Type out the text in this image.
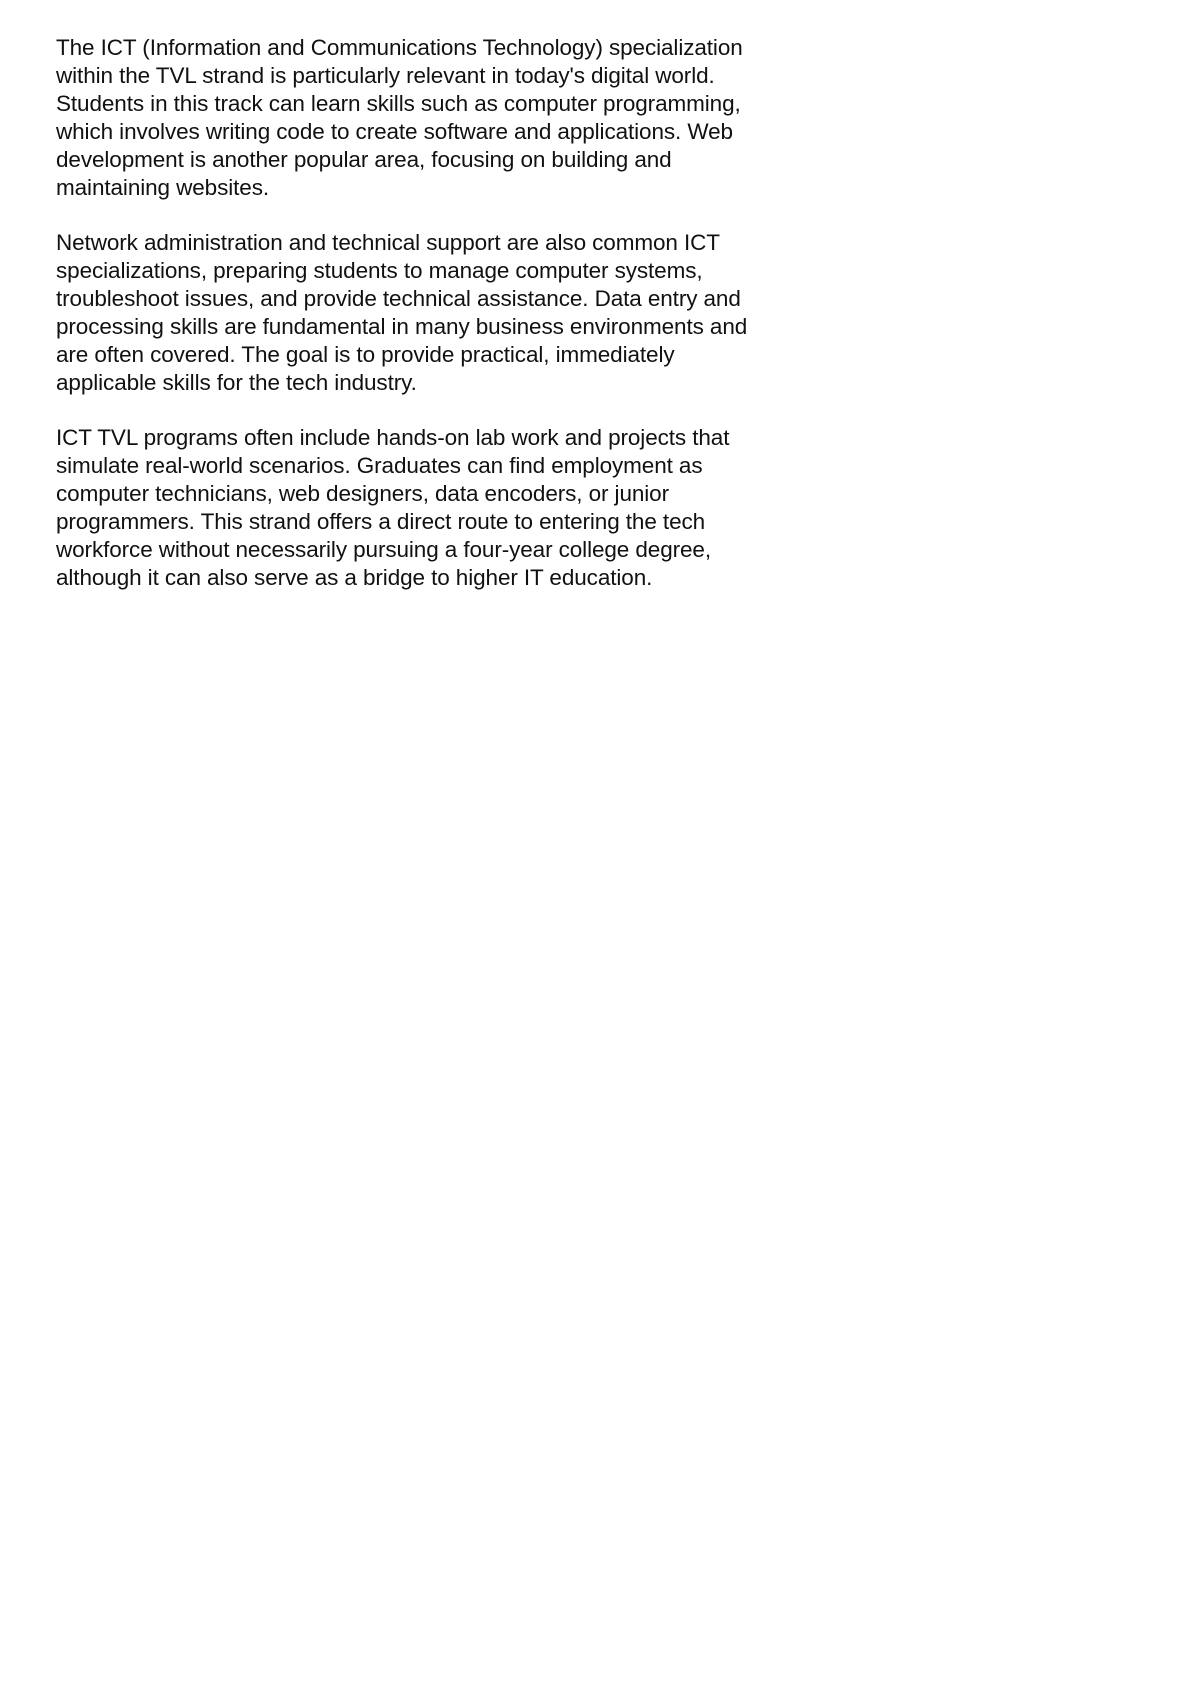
The ICT (Information and Communications Technology) specialization
within the TVL strand is particularly relevant in today's digital world.
Students in this track can learn skills such as computer programming,
which involves writing code to create software and applications. Web
development is another popular area, focusing on building and
maintaining websites.
Network administration and technical support are also common ICT
specializations, preparing students to manage computer systems,
troubleshoot issues, and provide technical assistance. Data entry and
processing skills are fundamental in many business environments and
are often covered. The goal is to provide practical, immediately
applicable skills for the tech industry.
ICT TVL programs often include hands-on lab work and projects that
simulate real-world scenarios. Graduates can find employment as
computer technicians, web designers, data encoders, or junior
programmers. This strand offers a direct route to entering the tech
workforce without necessarily pursuing a four-year college degree,
although it can also serve as a bridge to higher IT education.
